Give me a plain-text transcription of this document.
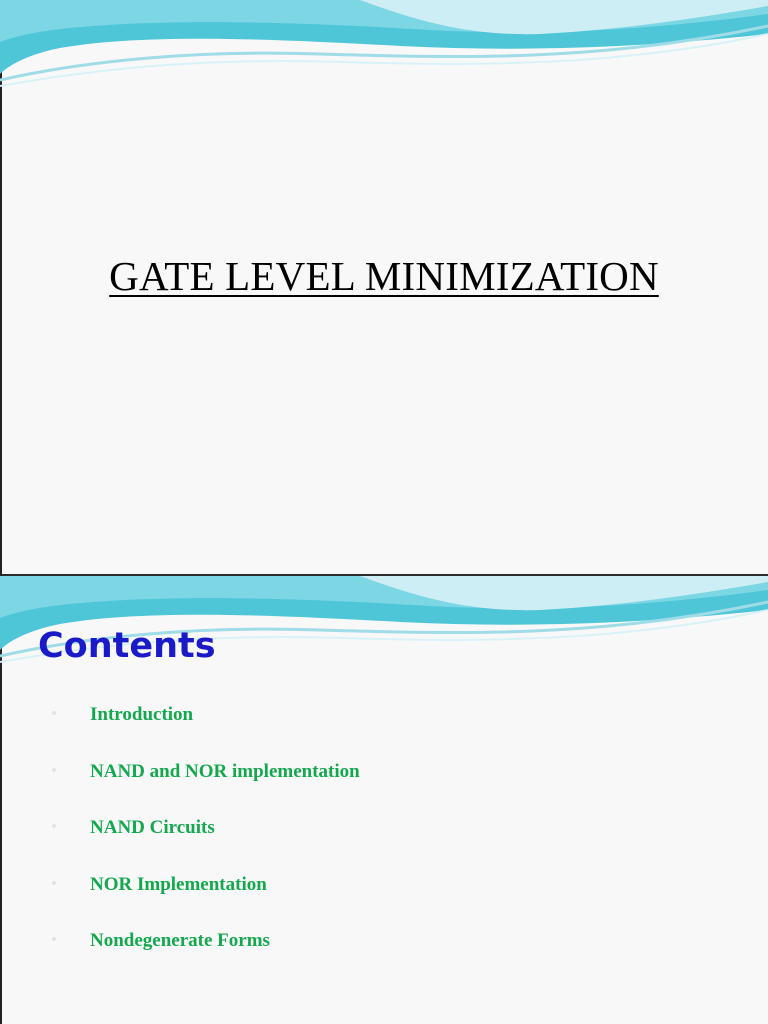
GATE LEVEL MINIMIZATION
Contents
Introduction
NAND and NOR implementation
NAND Circuits
NOR Implementation
Nondegenerate Forms
